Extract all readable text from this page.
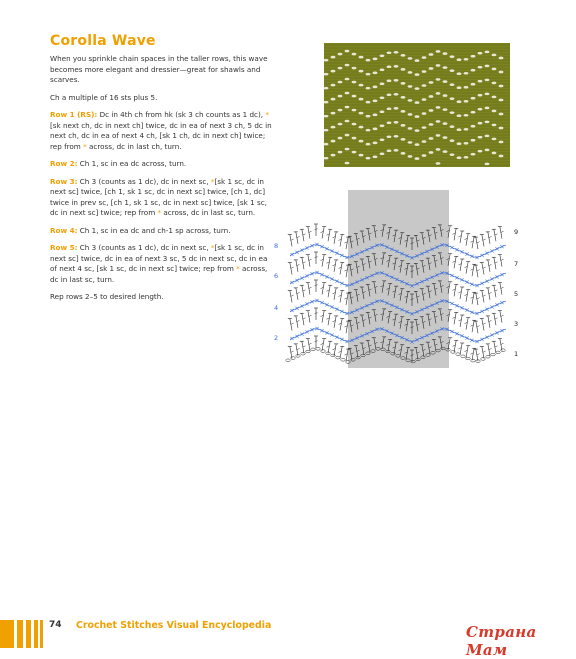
Corolla Wave

When you sprinkle chain spaces in the taller rows, this wave becomes more elegant and dressier—great for shawls and scarves.

Ch a multiple of 16 sts plus 5.

Row 1 (RS): Dc in 4th ch from hk (sk 3 ch counts as 1 dc), *[sk next ch, dc in next ch] twice, dc in ea of next 3 ch, 5 dc in next ch, dc in ea of next 4 ch, [sk 1 ch, dc in next ch] twice; rep from * across, dc in last ch, turn.

Row 2: Ch 1, sc in ea dc across, turn.

Row 3: Ch 3 (counts as 1 dc), dc in next sc, *[sk 1 sc, dc in next sc] twice, [ch 1, sk 1 sc, dc in next sc] twice, [ch 1, dc] twice in prev sc, [ch 1, sk 1 sc, dc in next sc] twice, [sk 1 sc, dc in next sc] twice; rep from * across, dc in last sc, turn.

Row 4: Ch 1, sc in ea dc and ch-1 sp across, turn.

Row 5: Ch 3 (counts as 1 dc), dc in next sc, *[sk 1 sc, dc in next sc] twice, dc in ea of next 3 sc, 5 dc in next sc, dc in ea of next 4 sc, [sk 1 sc, dc in next sc] twice; rep from * across, dc in last sc, turn.

Rep rows 2–5 to desired length.

8
6
4
2
9
7
5
3
1
74 Crochet Stitches Visual Encyclopedia	Страна Мам
